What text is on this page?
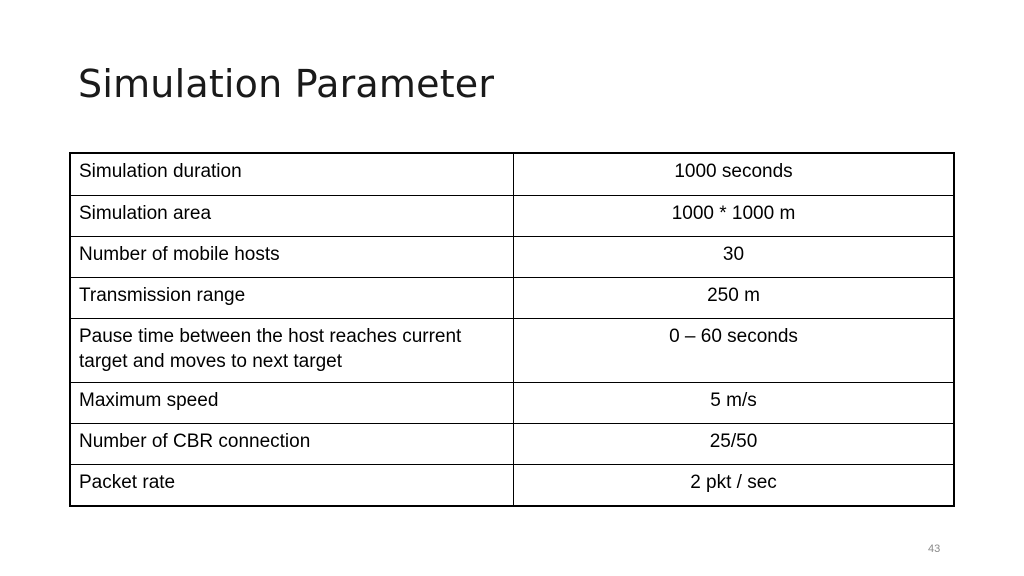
Simulation Parameter
Simulation duration	1000 seconds
Simulation area	1000 * 1000 m
Number of mobile hosts	30
Transmission range	250 m
Pause time between the host reaches current target and moves to next target	0 – 60 seconds
Maximum speed	5 m/s
Number of CBR connection	25/50
Packet rate	2 pkt / sec
43
